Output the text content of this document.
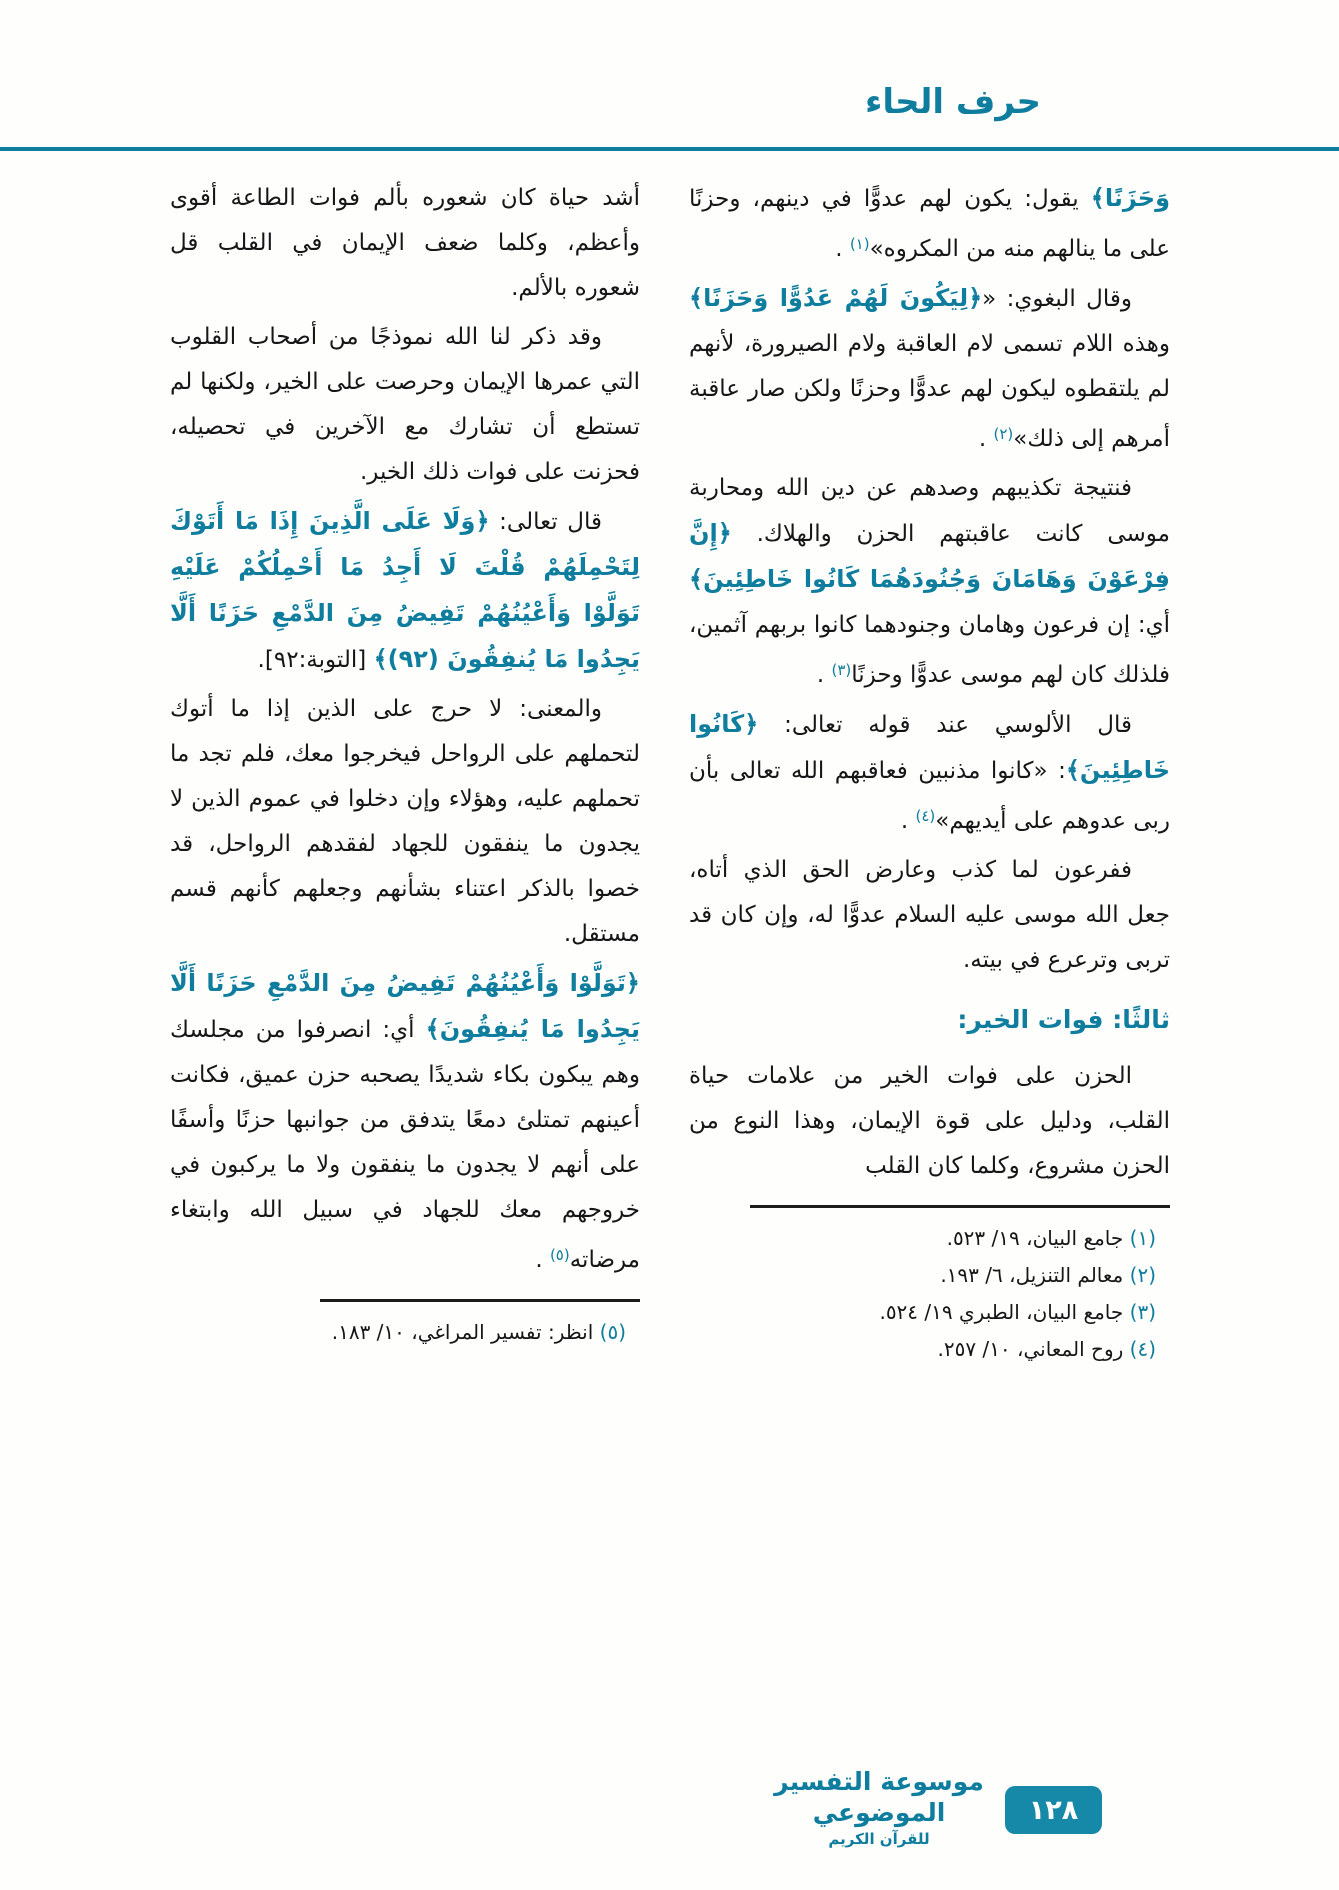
حرف الحاء

وَحَزَنًا﴾ يقول: يكون لهم عدوًّا في دينهم، وحزنًا على ما ينالهم منه من المكروه»$^{(١)}$ .

وقال البغوي: «﴿لِيَكُونَ لَهُمْ عَدُوًّا وَحَزَنًا﴾ وهذه اللام تسمى لام العاقبة ولام الصيرورة، لأنهم لم يلتقطوه ليكون لهم عدوًّا وحزنًا ولكن صار عاقبة أمرهم إلى ذلك»$^{(٢)}$ .

فنتيجة تكذيبهم وصدهم عن دين الله ومحاربة موسى كانت عاقبتهم الحزن والهلاك. ﴿إِنَّ فِرْعَوْنَ وَهَامَانَ وَجُنُودَهُمَا كَانُوا خَاطِئِينَ﴾ أي: إن فرعون وهامان وجنودهما كانوا بربهم آثمين، فلذلك كان لهم موسى عدوًّا وحزنًا$^{(٣)}$ .

قال الألوسي عند قوله تعالى: ﴿كَانُوا خَاطِئِينَ﴾: «كانوا مذنبين فعاقبهم الله تعالى بأن ربى عدوهم على أيديهم»$^{(٤)}$ .

ففرعون لما كذب وعارض الحق الذي أتاه، جعل الله موسى عليه السلام عدوًّا له، وإن كان قد تربى وترعرع في بيته.

ثالثًا: فوات الخير:

الحزن على فوات الخير من علامات حياة القلب، ودليل على قوة الإيمان، وهذا النوع من الحزن مشروع، وكلما كان القلب

(١) جامع البيان، ١٩/ ٥٢٣.

(٢) معالم التنزيل، ٦/ ١٩٣.

(٣) جامع البيان، الطبري ١٩/ ٥٢٤.

(٤) روح المعاني، ١٠/ ٢٥٧.

أشد حياة كان شعوره بألم فوات الطاعة أقوى وأعظم، وكلما ضعف الإيمان في القلب قل شعوره بالألم.

وقد ذكر لنا الله نموذجًا من أصحاب القلوب التي عمرها الإيمان وحرصت على الخير، ولكنها لم تستطع أن تشارك مع الآخرين في تحصيله، فحزنت على فوات ذلك الخير.

قال تعالى: ﴿وَلَا عَلَى الَّذِينَ إِذَا مَا أَتَوْكَ لِتَحْمِلَهُمْ قُلْتَ لَا أَجِدُ مَا أَحْمِلُكُمْ عَلَيْهِ تَوَلَّوْا وَأَعْيُنُهُمْ تَفِيضُ مِنَ الدَّمْعِ حَزَنًا أَلَّا يَجِدُوا مَا يُنفِقُونَ (٩٢)﴾ [التوبة:٩٢].

والمعنى: لا حرج على الذين إذا ما أتوك لتحملهم على الرواحل فيخرجوا معك، فلم تجد ما تحملهم عليه، وهؤلاء وإن دخلوا في عموم الذين لا يجدون ما ينفقون للجهاد لفقدهم الرواحل، قد خصوا بالذكر اعتناء بشأنهم وجعلهم كأنهم قسم مستقل.

﴿تَوَلَّوْا وَأَعْيُنُهُمْ تَفِيضُ مِنَ الدَّمْعِ حَزَنًا أَلَّا يَجِدُوا مَا يُنفِقُونَ﴾ أي: انصرفوا من مجلسك وهم يبكون بكاء شديدًا يصحبه حزن عميق، فكانت أعينهم تمتلئ دمعًا يتدفق من جوانبها حزنًا وأسفًا على أنهم لا يجدون ما ينفقون ولا ما يركبون في خروجهم معك للجهاد في سبيل الله وابتغاء مرضاته$^{(٥)}$ .

(٥) انظر: تفسير المراغي، ١٠/ ١٨٣.

موسوعة التفسير الموضوعي
للقرآن الكريم
١٢٨
